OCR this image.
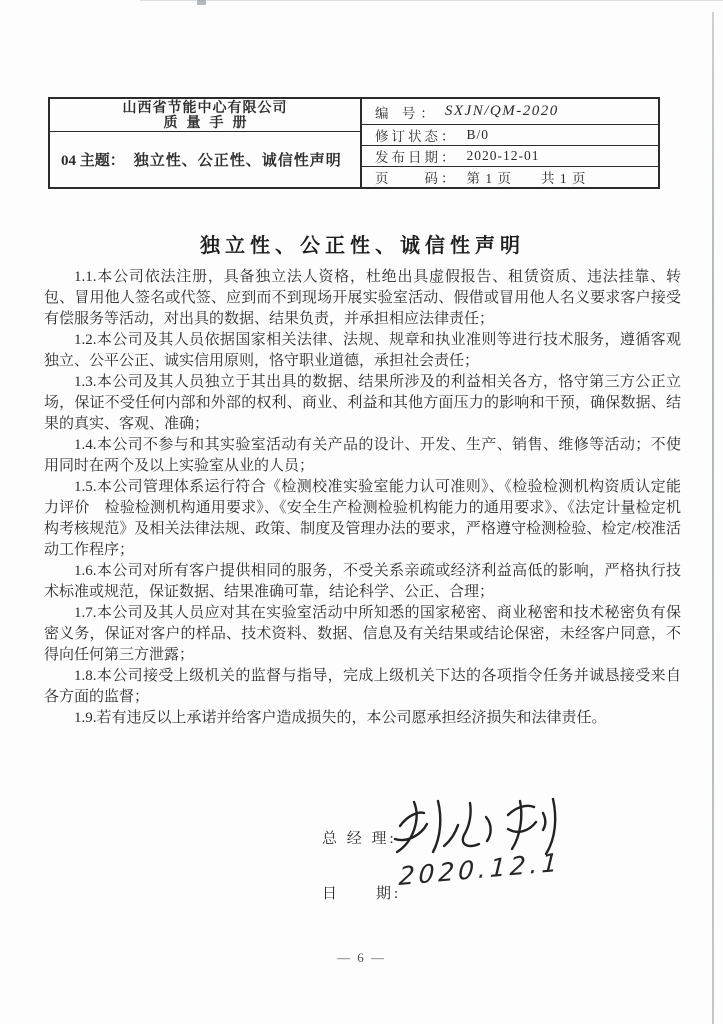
山西省节能中心有限公司
质量手册
04 主题： 独立性、公正性、诚信性声明
编 号： SXJN/QM-2020
修订状态： B/0
发布日期： 2020-12-01
页　　码： 第 1 页　　共 1 页
独立性、公正性、诚信性声明

1.1.本公司依法注册，具备独立法人资格，杜绝出具虚假报告、租赁资质、违法挂靠、转包、冒用他人签名或代签、应到而不到现场开展实验室活动、假借或冒用他人名义要求客户接受有偿服务等活动，对出具的数据、结果负责，并承担相应法律责任；

1.2.本公司及其人员依据国家相关法律、法规、规章和执业准则等进行技术服务，遵循客观独立、公平公正、诚实信用原则，恪守职业道德，承担社会责任；

1.3.本公司及其人员独立于其出具的数据、结果所涉及的利益相关各方，恪守第三方公正立场，保证不受任何内部和外部的权利、商业、利益和其他方面压力的影响和干预，确保数据、结果的真实、客观、准确；

1.4.本公司不参与和其实验室活动有关产品的设计、开发、生产、销售、维修等活动；不使用同时在两个及以上实验室从业的人员；

1.5.本公司管理体系运行符合《检测校准实验室能力认可准则》、《检验检测机构资质认定能力评价　检验检测机构通用要求》、《安全生产检测检验机构能力的通用要求》、《法定计量检定机构考核规范》及相关法律法规、政策、制度及管理办法的要求，严格遵守检测检验、检定/校准活动工作程序；

1.6.本公司对所有客户提供相同的服务，不受关系亲疏或经济利益高低的影响，严格执行技术标准或规范，保证数据、结果准确可靠，结论科学、公正、合理；

1.7.本公司及其人员应对其在实验室活动中所知悉的国家秘密、商业秘密和技术秘密负有保密义务，保证对客户的样品、技术资料、数据、信息及有关结果或结论保密，未经客户同意，不得向任何第三方泄露；

1.8.本公司接受上级机关的监督与指导，完成上级机关下达的各项指令任务并诚恳接受来自各方面的监督；

1.9.若有违反以上承诺并给客户造成损失的，本公司愿承担经济损失和法律责任。

总 经 理:
日　　期:
2020.12.1
— 6 —
